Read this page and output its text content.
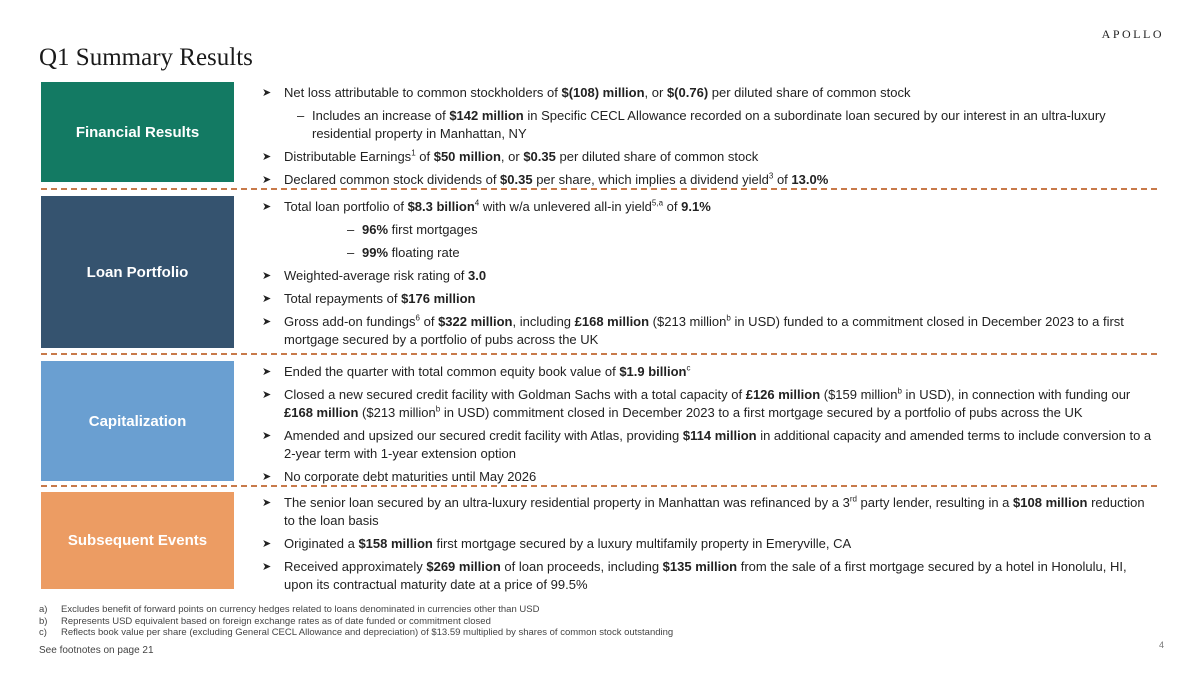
APOLLO
Q1 Summary Results
Financial Results
➤ Net loss attributable to common stockholders of $(108) million, or $(0.76) per diluted share of common stock
– Includes an increase of $142 million in Specific CECL Allowance recorded on a subordinate loan secured by our interest in an ultra-luxury residential property in Manhattan, NY
➤ Distributable Earnings$^1$ of $50 million, or $0.35 per diluted share of common stock
➤ Declared common stock dividends of $0.35 per share, which implies a dividend yield$^3$ of 13.0%
Loan Portfolio
➤ Total loan portfolio of $8.3 billion$^4$ with w/a unlevered all-in yield$^{5,a}$ of 9.1%
– 96% first mortgages
– 99% floating rate
➤ Weighted-average risk rating of 3.0
➤ Total repayments of $176 million
➤ Gross add-on fundings$^6$ of $322 million, including £168 million ($213 million$^b$ in USD) funded to a commitment closed in December 2023 to a first mortgage secured by a portfolio of pubs across the UK
Capitalization
➤ Ended the quarter with total common equity book value of $1.9 billion$^c$
➤ Closed a new secured credit facility with Goldman Sachs with a total capacity of £126 million ($159 million$^b$ in USD), in connection with funding our £168 million ($213 million$^b$ in USD) commitment closed in December 2023 to a first mortgage secured by a portfolio of pubs across the UK
➤ Amended and upsized our secured credit facility with Atlas, providing $114 million in additional capacity and amended terms to include conversion to a 2-year term with 1-year extension option
➤ No corporate debt maturities until May 2026
Subsequent Events
➤ The senior loan secured by an ultra-luxury residential property in Manhattan was refinanced by a 3rd party lender, resulting in a $108 million reduction to the loan basis
➤ Originated a $158 million first mortgage secured by a luxury multifamily property in Emeryville, CA
➤ Received approximately $269 million of loan proceeds, including $135 million from the sale of a first mortgage secured by a hotel in Honolulu, HI, upon its contractual maturity date at a price of 99.5%
a) Excludes benefit of forward points on currency hedges related to loans denominated in currencies other than USD
b) Represents USD equivalent based on foreign exchange rates as of date funded or commitment closed
c) Reflects book value per share (excluding General CECL Allowance and depreciation) of $13.59 multiplied by shares of common stock outstanding
See footnotes on page 21	4
